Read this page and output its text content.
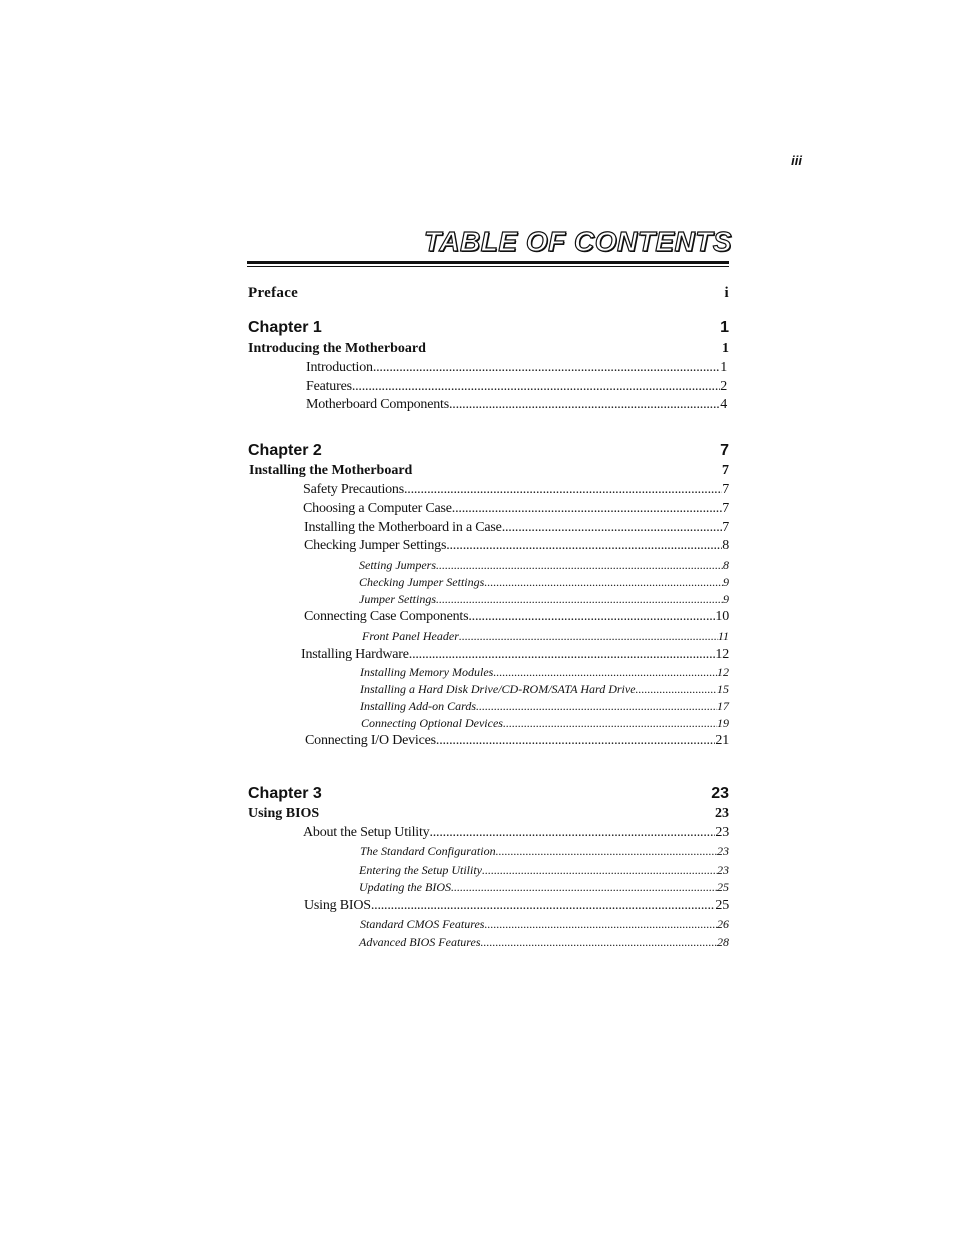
iii
TABLE OF CONTENTS
Preface	i
Chapter 1	1
Introducing the Motherboard	1
Introduction .....	1
Features .....	2
Motherboard Components .....	4
Chapter 2	7
Installing the Motherboard	7
Safety Precautions .....	7
Choosing a Computer Case .....	7
Installing the Motherboard in a Case .....	7
Checking Jumper Settings .....	8
Setting Jumpers .....	8
Checking Jumper Settings .....	9
Jumper Settings .....	9
Connecting Case Components .....	10
Front Panel Header .....	11
Installing Hardware .....	12
Installing Memory Modules .....	12
Installing a Hard Disk Drive/CD-ROM/SATA Hard Drive .....	15
Installing Add-on Cards .....	17
Connecting Optional Devices .....	19
Connecting I/O Devices .....	21
Chapter 3	23
Using BIOS	23
About the Setup Utility .....	23
The Standard Configuration .....	23
Entering the Setup Utility .....	23
Updating the BIOS .....	25
Using BIOS .....	25
Standard CMOS Features .....	26
Advanced BIOS Features .....	28
